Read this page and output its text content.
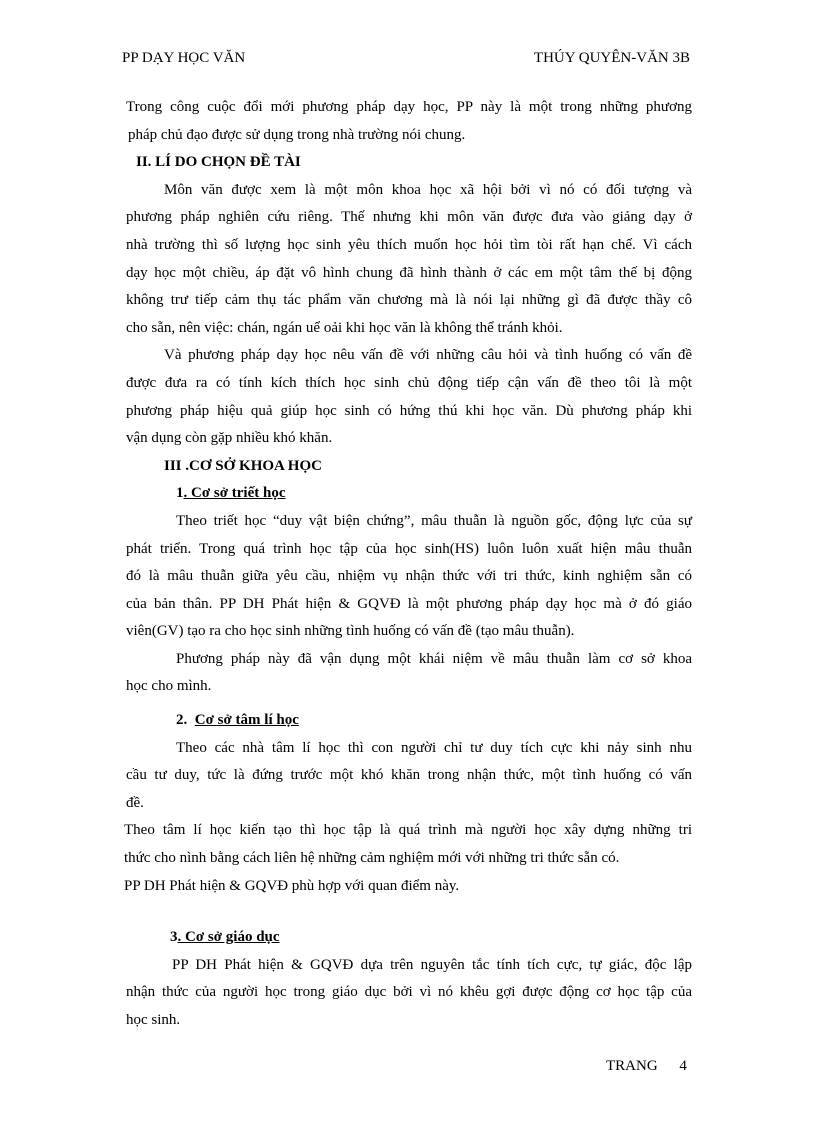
PP DẠY HỌC VĂN	THÚY QUYÊN-VĂN 3B

Trong công cuộc đổi mới phương pháp dạy học, PP này là một trong những phương

pháp chủ đạo được sử dụng trong nhà trường nói chung.

II. LÍ DO CHỌN ĐỀ TÀI

Môn văn được xem là một môn khoa học xã hội bởi vì nó có đối tượng và

phương pháp nghiên cứu riêng. Thế nhưng khi môn văn được đưa vào giảng dạy ở

nhà trường thì số lượng học sinh yêu thích muốn học hỏi tìm tòi rất hạn chế. Vì cách

dạy học một chiều, áp đặt vô hình chung đã hình thành ở các em một tâm thế bị động

không trư tiếp cảm thụ tác phẩm văn chương mà là nói lại những gì đã được thầy cô

cho sẵn, nên việc: chán, ngán uể oải khi học văn là không thể tránh khỏi.

Và phương pháp dạy học nêu vấn đề với những câu hỏi và tình huống có vấn đề

được đưa ra có tính kích thích học sinh chủ động tiếp cận vấn đề theo tôi là một

phương pháp hiệu quả giúp học sinh có hứng thú khi học văn. Dù phương pháp khi

vận dụng còn gặp nhiều khó khăn.

III .CƠ SỞ KHOA HỌC

1. Cơ sở triết học

Theo triết học “duy vật biện chứng”, mâu thuẫn là nguồn gốc, động lực của sự

phát triển. Trong quá trình học tập của học sinh(HS) luôn luôn xuất hiện mâu thuẫn

đó là mâu thuẫn giữa yêu cầu, nhiệm vụ nhận thức với tri thức, kinh nghiệm sẵn có

của bản thân. PP DH Phát hiện & GQVĐ là một phương pháp dạy học mà ở đó giáo

viên(GV) tạo ra cho học sinh những tình huống có vấn đề (tạo mâu thuẫn).

Phương pháp này đã vận dụng một khái niệm về mâu thuẫn làm cơ sở khoa

học cho mình.

2. Cơ sở tâm lí học

Theo các nhà tâm lí học thì con người chỉ tư duy tích cực khi nảy sinh nhu

cầu tư duy, tức là đứng trước một khó khăn trong nhận thức, một tình huống có vấn

đề.

Theo tâm lí học kiến tạo thì học tập là quá trình mà người học xây dựng những tri

thức cho nình bằng cách liên hệ những cảm nghiệm mới với những tri thức sẵn có.

PP DH Phát hiện & GQVĐ phù hợp với quan điểm này.

3. Cơ sở giáo dục

PP DH Phát hiện & GQVĐ dựa trên nguyên tắc tính tích cực, tự giác, độc lập

nhận thức của người học trong giáo dục bởi vì nó khêu gợi được động cơ học tập của

học sinh.

TRANG 4
